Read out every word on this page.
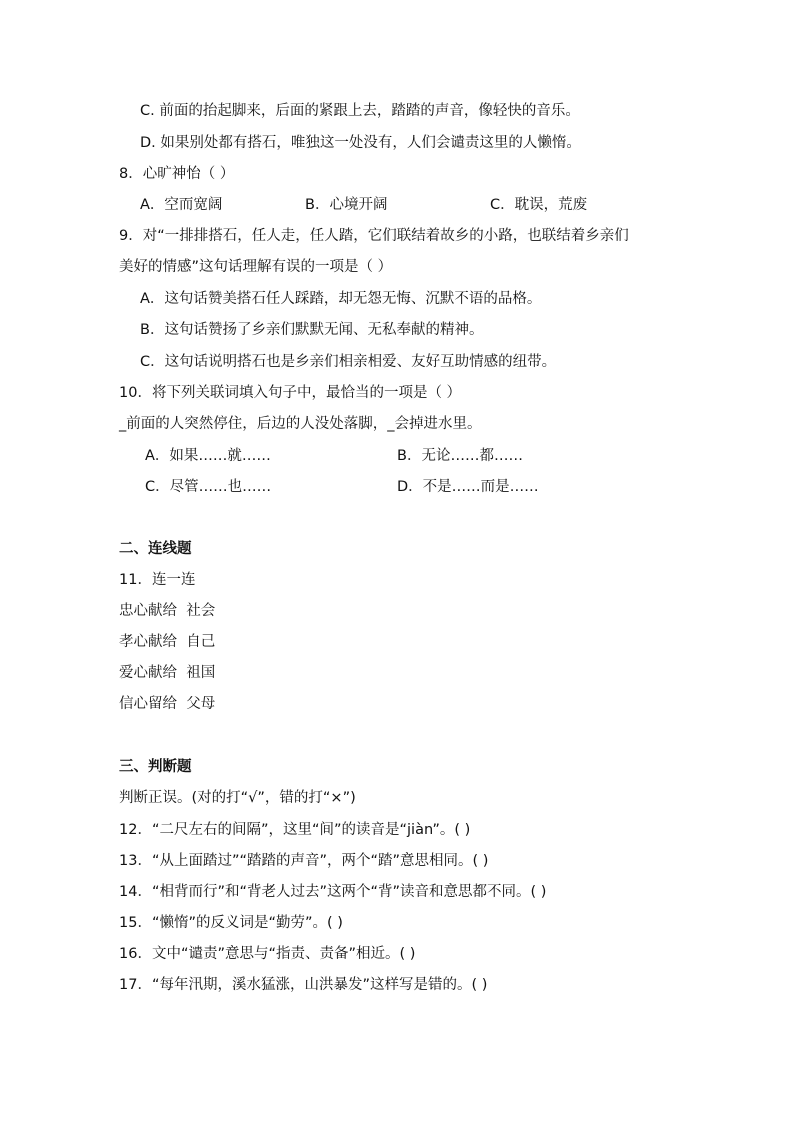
C. 前面的抬起脚来，后面的紧跟上去，踏踏的声音，像轻快的音乐。
D. 如果别处都有搭石，唯独这一处没有，人们会谴责这里的人懒惰。
8．心旷神怡（ ）
A．空而宽阔	B．心境开阔	C．耽误，荒废
9．对“一排排搭石，任人走，任人踏，它们联结着故乡的小路，也联结着乡亲们
美好的情感”这句话理解有误的一项是（ ）
A．这句话赞美搭石任人踩踏，却无怨无悔、沉默不语的品格。
B．这句话赞扬了乡亲们默默无闻、无私奉献的精神。
C．这句话说明搭石也是乡亲们相亲相爱、友好互助情感的纽带。
10．将下列关联词填入句子中，最恰当的一项是（ ）
_前面的人突然停住，后边的人没处落脚，_会掉进水里。
A．如果……就……	B．无论……都……
C．尽管……也……	D．不是……而是……
二、连线题
11．连一连
忠心献给 社会
孝心献给 自己
爱心献给 祖国
信心留给 父母
三、判断题
判断正误。(对的打“√”，错的打“×”)
12．“二尺左右的间隔”，这里“间”的读音是“jiàn”。( )
13．“从上面踏过”“踏踏的声音”，两个“踏”意思相同。( )
14．“相背而行”和“背老人过去”这两个“背”读音和意思都不同。( )
15．“懒惰”的反义词是“勤劳”。( )
16．文中“谴责”意思与“指责、责备”相近。( )
17．“每年汛期，溪水猛涨，山洪暴发”这样写是错的。( )
